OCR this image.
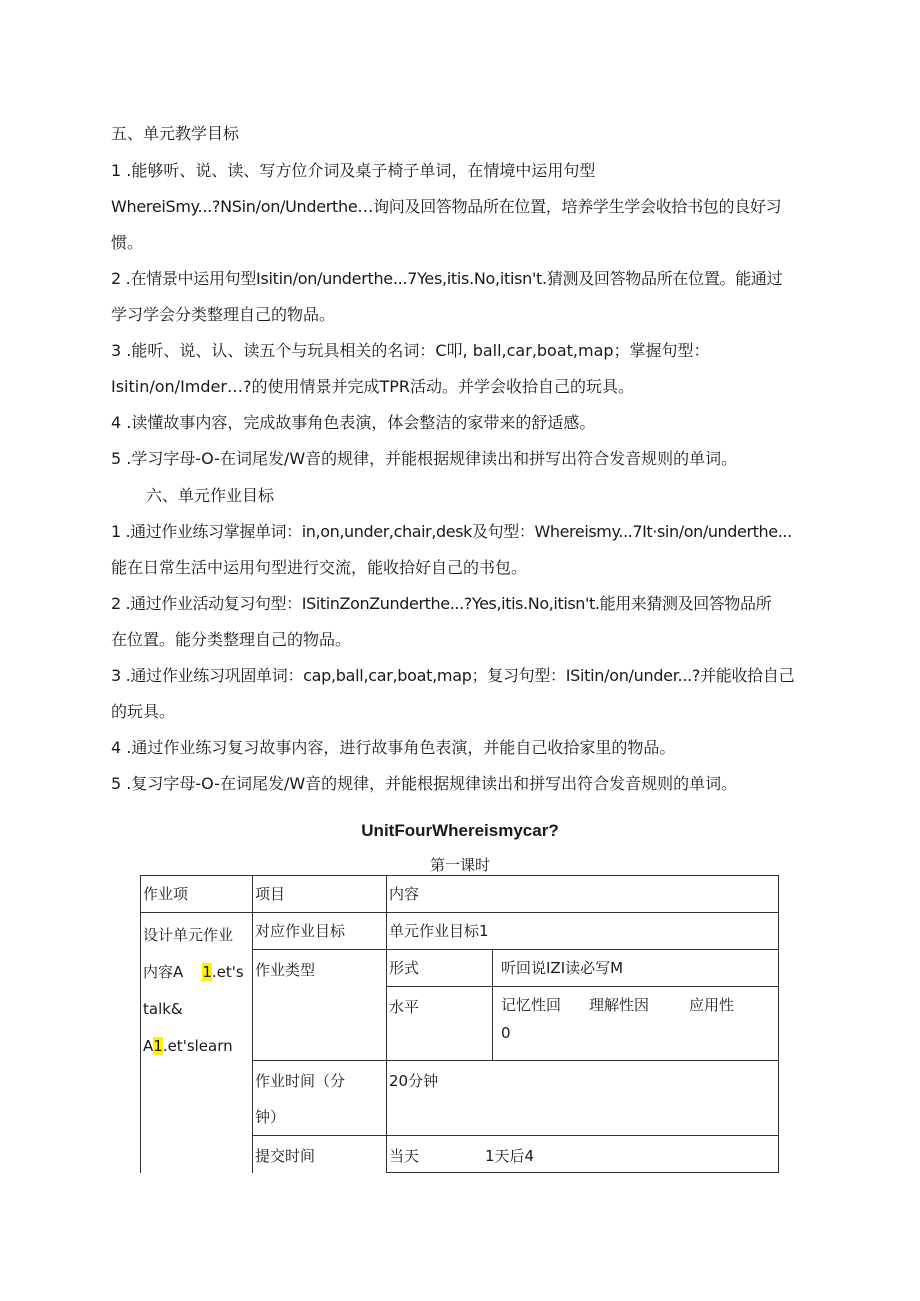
五、单元教学目标
1 .能够听、说、读、写方位介词及桌子椅子单词，在情境中运用句型
WhereiSmy...?NSin/on/Underthe…询问及回答物品所在位置，培养学生学会收拾书包的良好习
惯。
2 .在情景中运用句型Isitin/on/underthe...7Yes,itis.No,itisn't.猜测及回答物品所在位置。能通过
学习学会分类整理自己的物品。
3 .能听、说、认、读五个与玩具相关的名词：C叩, ball,car,boat,map；掌握句型：
Isitin/on/Imder…?的使用情景并完成TPR活动。并学会收拾自己的玩具。
4 .读懂故事内容，完成故事角色表演，体会整洁的家带来的舒适感。
5 .学习字母-O-在词尾发/W音的规律，并能根据规律读出和拼写出符合发音规则的单词。
六、单元作业目标
1 .通过作业练习掌握单词：in,on,under,chair,desk及句型：Whereismy...7It·sin/on/underthe...
能在日常生活中运用句型进行交流，能收拾好自己的书包。
2 .通过作业活动复习句型：ISitinZonZunderthe...?Yes,itis.No,itisn't.能用来猜测及回答物品所
在位置。能分类整理自己的物品。
3 .通过作业练习巩固单词：cap,ball,car,boat,map；复习句型：ISitin/on/under...?并能收拾自己
的玩具。
4 .通过作业练习复习故事内容，进行故事角色表演，并能自己收拾家里的物品。
5 .复习字母-O-在词尾发/W音的规律，并能根据规律读出和拼写出符合发音规则的单词。
UnitFourWhereismycar?
第一课时
作业项	项目	内容	

设计单元作业
内容A 1.et's
talk&
A1.et'slearn	对应作业目标	单元作业目标1	

	作业类型	形式	听回说IZI读必写M

		水平	记忆性回 理解性因 应用性
0

	作业时间（分
钟）	20分钟	

	提交时间	当天 1天后4	
